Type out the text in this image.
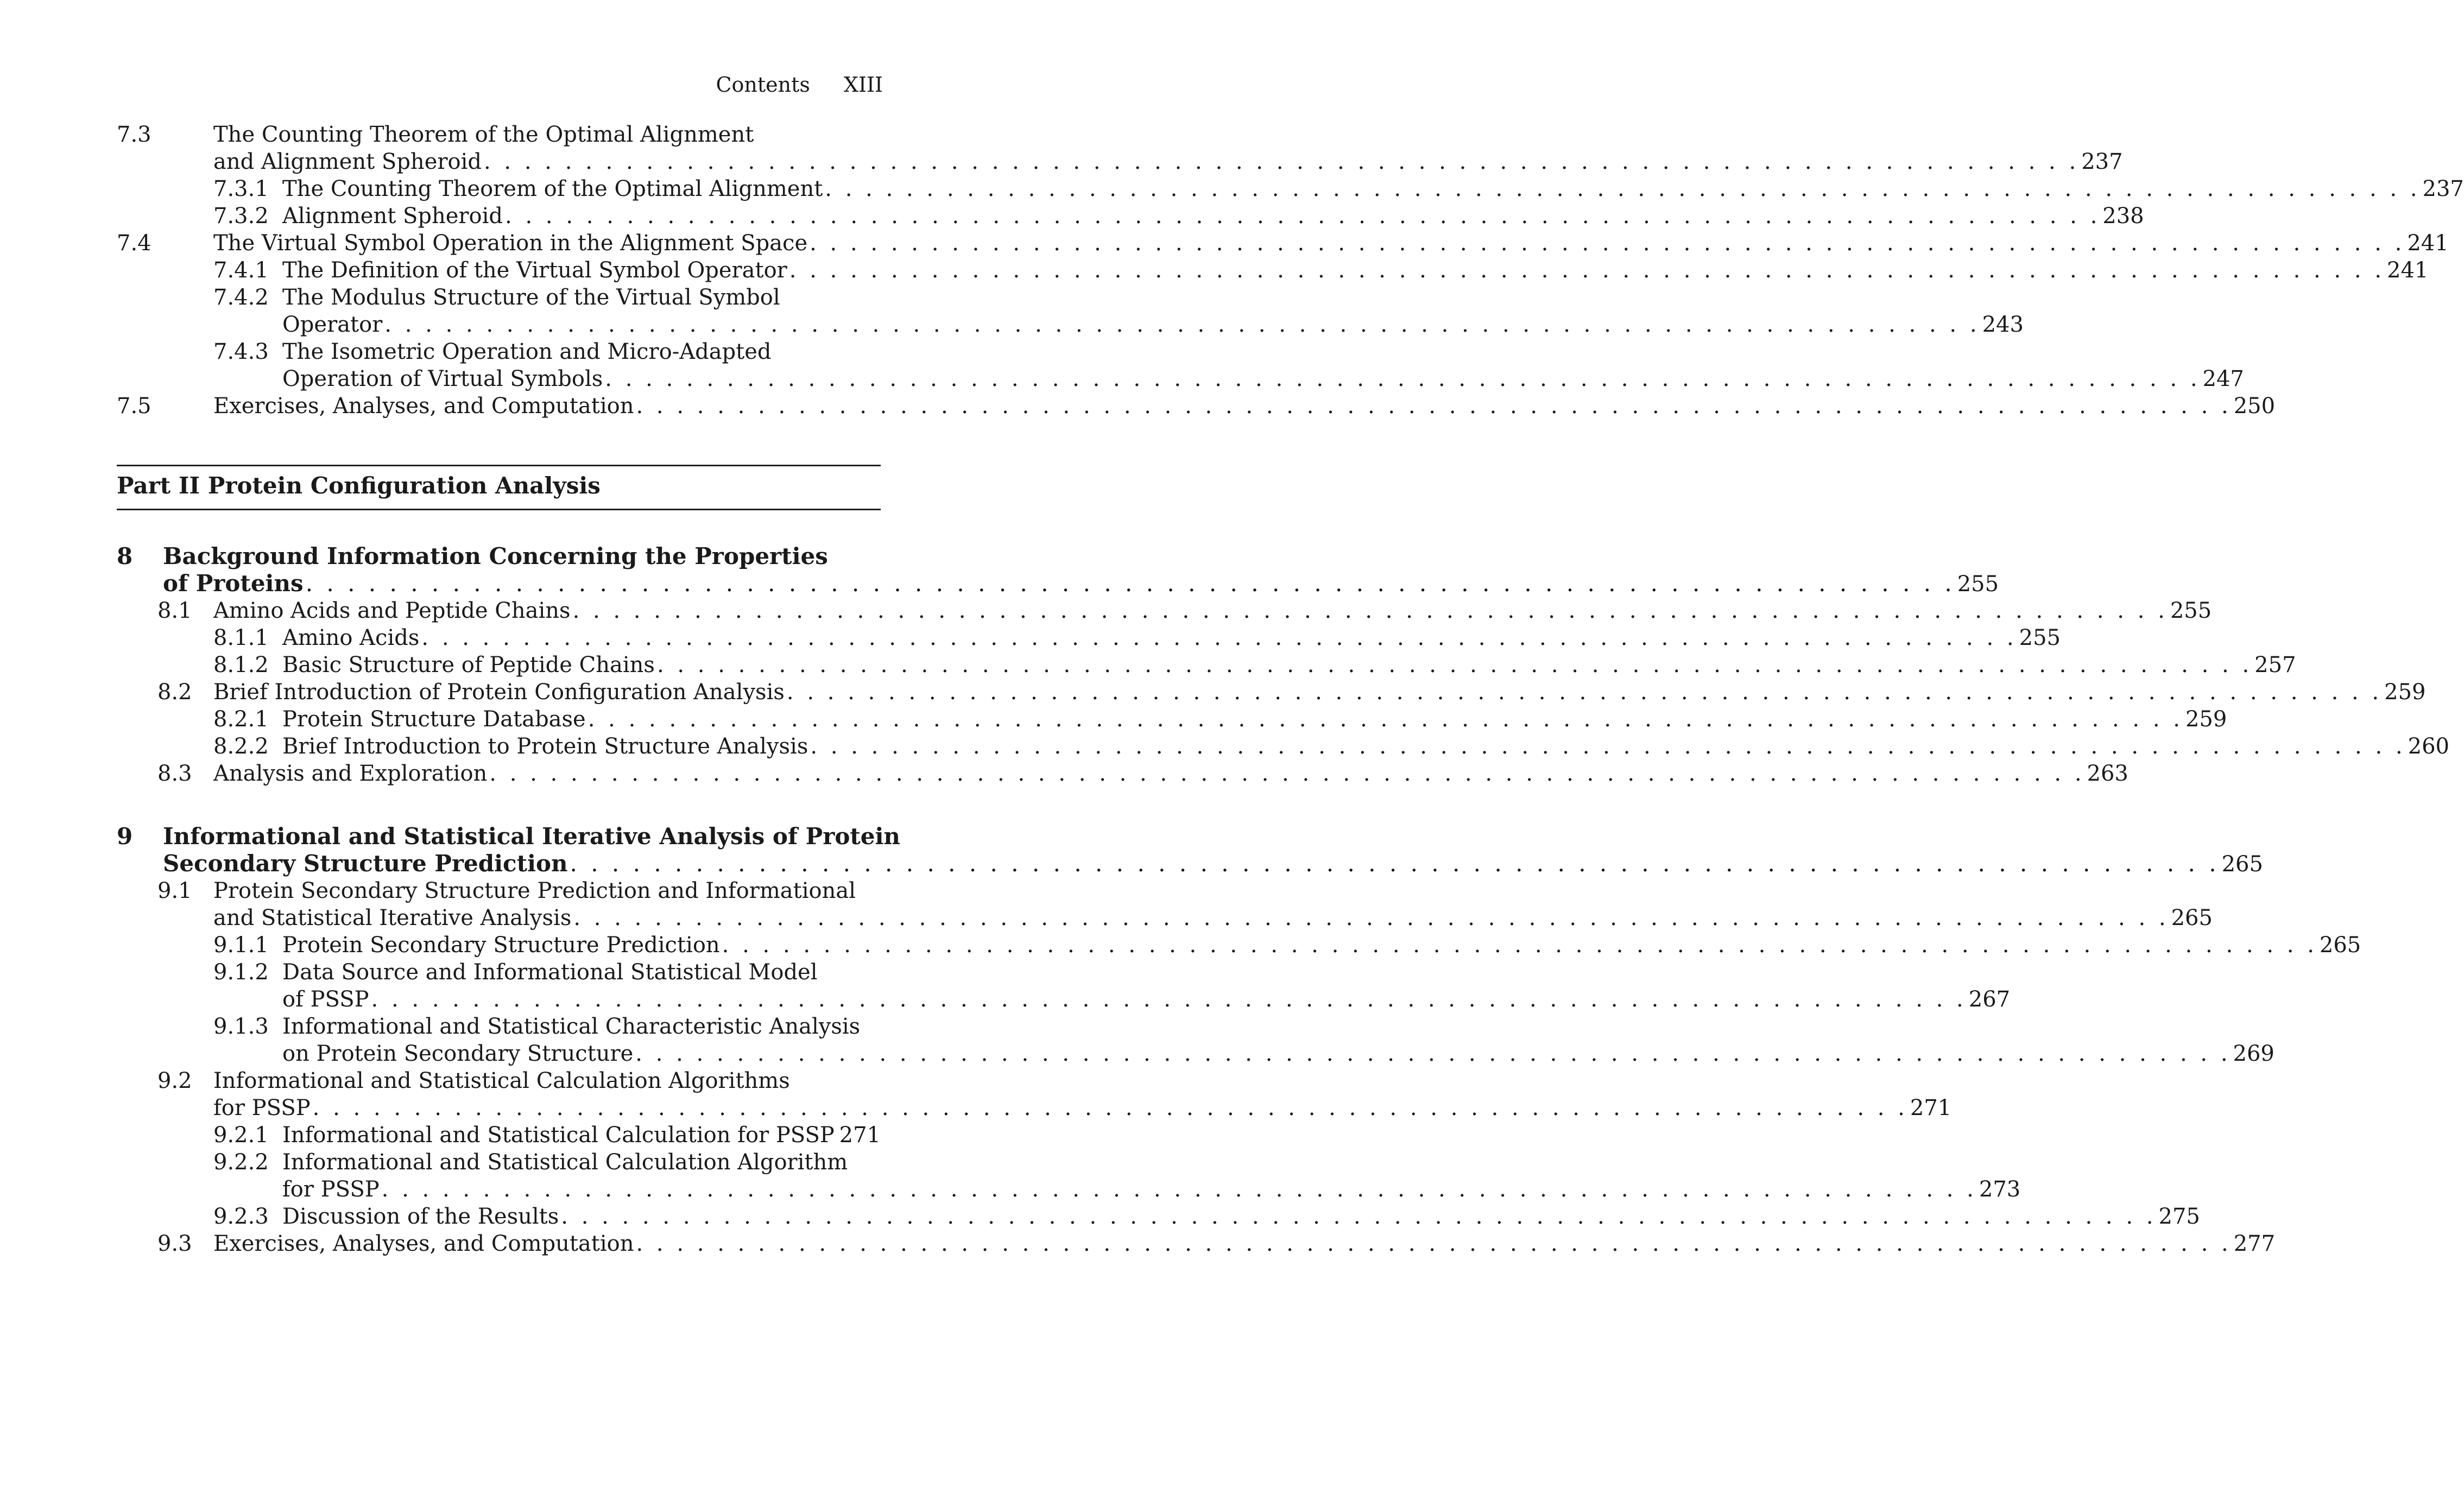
Contents XIII
7.3	The Counting Theorem of the Optimal Alignment
and Alignment Spheroid . . . . . . . . . . . . . . . . . . . . . . . . . . . . . . . . . . . . . . . . . . . . . . . . . . . . . . . . . . . . . . . . . . . . . . . . . . . . . . . 237
7.3.1 The Counting Theorem of the Optimal Alignment . . . . . . . . . . . . . . . . . . . . . . . . . . . . . . . . . . . . . . . . . . . . . . . . . . . . . . . . . . . . . . . . . . . . . . . . . . . . . . . 237
7.3.2 Alignment Spheroid . . . . . . . . . . . . . . . . . . . . . . . . . . . . . . . . . . . . . . . . . . . . . . . . . . . . . . . . . . . . . . . . . . . . . . . . . . . . . . . 238
7.4	The Virtual Symbol Operation in the Alignment Space . . . . . . . . . . . . . . . . . . . . . . . . . . . . . . . . . . . . . . . . . . . . . . . . . . . . . . . . . . . . . . . . . . . . . . . . . . . . . . . 241
7.4.1 The Definition of the Virtual Symbol Operator . . . . . . . . . . . . . . . . . . . . . . . . . . . . . . . . . . . . . . . . . . . . . . . . . . . . . . . . . . . . . . . . . . . . . . . . . . . . . . . 241
7.4.2 The Modulus Structure of the Virtual Symbol
Operator . . . . . . . . . . . . . . . . . . . . . . . . . . . . . . . . . . . . . . . . . . . . . . . . . . . . . . . . . . . . . . . . . . . . . . . . . . . . . . . 243
7.4.3 The Isometric Operation and Micro-Adapted
Operation of Virtual Symbols . . . . . . . . . . . . . . . . . . . . . . . . . . . . . . . . . . . . . . . . . . . . . . . . . . . . . . . . . . . . . . . . . . . . . . . . . . . . . . . 247
7.5	Exercises, Analyses, and Computation . . . . . . . . . . . . . . . . . . . . . . . . . . . . . . . . . . . . . . . . . . . . . . . . . . . . . . . . . . . . . . . . . . . . . . . . . . . . . . . 250
Part II Protein Configuration Analysis
8 Background Information Concerning the Properties
of Proteins . . . . . . . . . . . . . . . . . . . . . . . . . . . . . . . . . . . . . . . . . . . . . . . . . . . . . . . . . . . . . . . . . . . . . . . . . . . . . . . 255
8.1 Amino Acids and Peptide Chains . . . . . . . . . . . . . . . . . . . . . . . . . . . . . . . . . . . . . . . . . . . . . . . . . . . . . . . . . . . . . . . . . . . . . . . . . . . . . . . 255
8.1.1 Amino Acids . . . . . . . . . . . . . . . . . . . . . . . . . . . . . . . . . . . . . . . . . . . . . . . . . . . . . . . . . . . . . . . . . . . . . . . . . . . . . . . 255
8.1.2 Basic Structure of Peptide Chains . . . . . . . . . . . . . . . . . . . . . . . . . . . . . . . . . . . . . . . . . . . . . . . . . . . . . . . . . . . . . . . . . . . . . . . . . . . . . . . 257
8.2 Brief Introduction of Protein Configuration Analysis . . . . . . . . . . . . . . . . . . . . . . . . . . . . . . . . . . . . . . . . . . . . . . . . . . . . . . . . . . . . . . . . . . . . . . . . . . . . . . . 259
8.2.1 Protein Structure Database . . . . . . . . . . . . . . . . . . . . . . . . . . . . . . . . . . . . . . . . . . . . . . . . . . . . . . . . . . . . . . . . . . . . . . . . . . . . . . . 259
8.2.2 Brief Introduction to Protein Structure Analysis . . . . . . . . . . . . . . . . . . . . . . . . . . . . . . . . . . . . . . . . . . . . . . . . . . . . . . . . . . . . . . . . . . . . . . . . . . . . . . . 260
8.3 Analysis and Exploration . . . . . . . . . . . . . . . . . . . . . . . . . . . . . . . . . . . . . . . . . . . . . . . . . . . . . . . . . . . . . . . . . . . . . . . . . . . . . . . 263
9 Informational and Statistical Iterative Analysis of Protein
Secondary Structure Prediction . . . . . . . . . . . . . . . . . . . . . . . . . . . . . . . . . . . . . . . . . . . . . . . . . . . . . . . . . . . . . . . . . . . . . . . . . . . . . . . 265
9.1 Protein Secondary Structure Prediction and Informational
and Statistical Iterative Analysis . . . . . . . . . . . . . . . . . . . . . . . . . . . . . . . . . . . . . . . . . . . . . . . . . . . . . . . . . . . . . . . . . . . . . . . . . . . . . . . 265
9.1.1 Protein Secondary Structure Prediction . . . . . . . . . . . . . . . . . . . . . . . . . . . . . . . . . . . . . . . . . . . . . . . . . . . . . . . . . . . . . . . . . . . . . . . . . . . . . . . 265
9.1.2 Data Source and Informational Statistical Model
of PSSP . . . . . . . . . . . . . . . . . . . . . . . . . . . . . . . . . . . . . . . . . . . . . . . . . . . . . . . . . . . . . . . . . . . . . . . . . . . . . . . 267
9.1.3 Informational and Statistical Characteristic Analysis
on Protein Secondary Structure . . . . . . . . . . . . . . . . . . . . . . . . . . . . . . . . . . . . . . . . . . . . . . . . . . . . . . . . . . . . . . . . . . . . . . . . . . . . . . . 269
9.2 Informational and Statistical Calculation Algorithms
for PSSP . . . . . . . . . . . . . . . . . . . . . . . . . . . . . . . . . . . . . . . . . . . . . . . . . . . . . . . . . . . . . . . . . . . . . . . . . . . . . . . 271
9.2.1 Informational and Statistical Calculation for PSSP 271
9.2.2 Informational and Statistical Calculation Algorithm
for PSSP . . . . . . . . . . . . . . . . . . . . . . . . . . . . . . . . . . . . . . . . . . . . . . . . . . . . . . . . . . . . . . . . . . . . . . . . . . . . . . . 273
9.2.3 Discussion of the Results . . . . . . . . . . . . . . . . . . . . . . . . . . . . . . . . . . . . . . . . . . . . . . . . . . . . . . . . . . . . . . . . . . . . . . . . . . . . . . . 275
9.3 Exercises, Analyses, and Computation . . . . . . . . . . . . . . . . . . . . . . . . . . . . . . . . . . . . . . . . . . . . . . . . . . . . . . . . . . . . . . . . . . . . . . . . . . . . . . . 277
